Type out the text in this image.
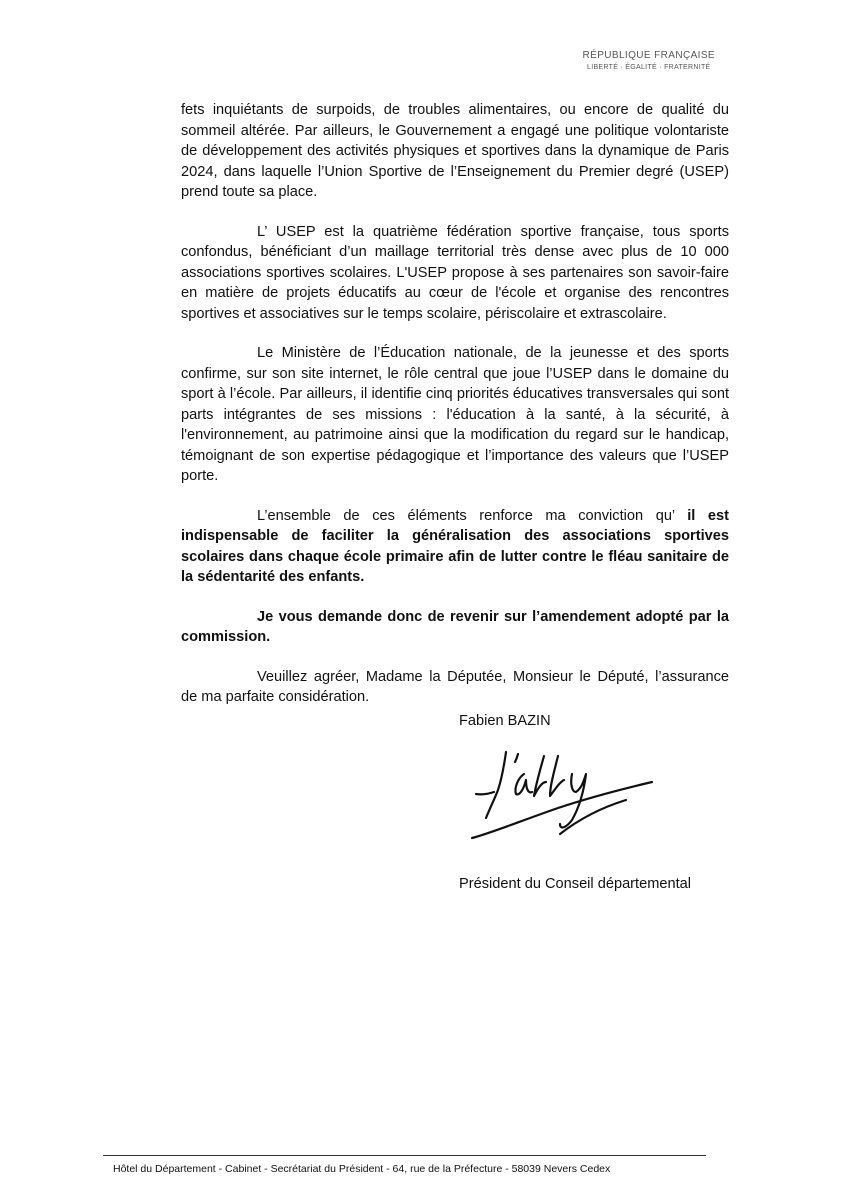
RÉPUBLIQUE FRANÇAISE
LIBERTÉ · ÉGALITÉ · FRATERNITÉ

fets inquiétants de surpoids, de troubles alimentaires, ou encore de qualité du sommeil altérée. Par ailleurs, le Gouvernement a engagé une politique volontariste de développement des activités physiques et sportives dans la dynamique de Paris 2024, dans laquelle l’Union Sportive de l’Enseignement du Premier degré (USEP) prend toute sa place.

L’ USEP est la quatrième fédération sportive française, tous sports confondus, bénéficiant d’un maillage territorial très dense avec plus de 10 000 associations sportives scolaires. L'USEP propose à ses partenaires son savoir-faire en matière de projets éducatifs au cœur de l'école et organise des rencontres sportives et associatives sur le temps scolaire, périscolaire et extrascolaire.

Le Ministère de l’Éducation nationale, de la jeunesse et des sports confirme, sur son site internet, le rôle central que joue l’USEP dans le domaine du sport à l’école. Par ailleurs, il identifie cinq priorités éducatives transversales qui sont parts intégrantes de ses missions : l'éducation à la santé, à la sécurité, à l'environnement, au patrimoine ainsi que la modification du regard sur le handicap, témoignant de son expertise pédagogique et l’importance des valeurs que l’USEP porte.

L’ensemble de ces éléments renforce ma conviction qu’ il est indispensable de faciliter la généralisation des associations sportives scolaires dans chaque école primaire afin de lutter contre le fléau sanitaire de la sédentarité des enfants.

Je vous demande donc de revenir sur l’amendement adopté par la commission.

Veuillez agréer, Madame la Députée, Monsieur le Député, l’assurance de ma parfaite considération.

Fabien BAZIN
Président du Conseil départemental
Hôtel du Département - Cabinet - Secrétariat du Président - 64, rue de la Préfecture - 58039 Nevers Cedex
